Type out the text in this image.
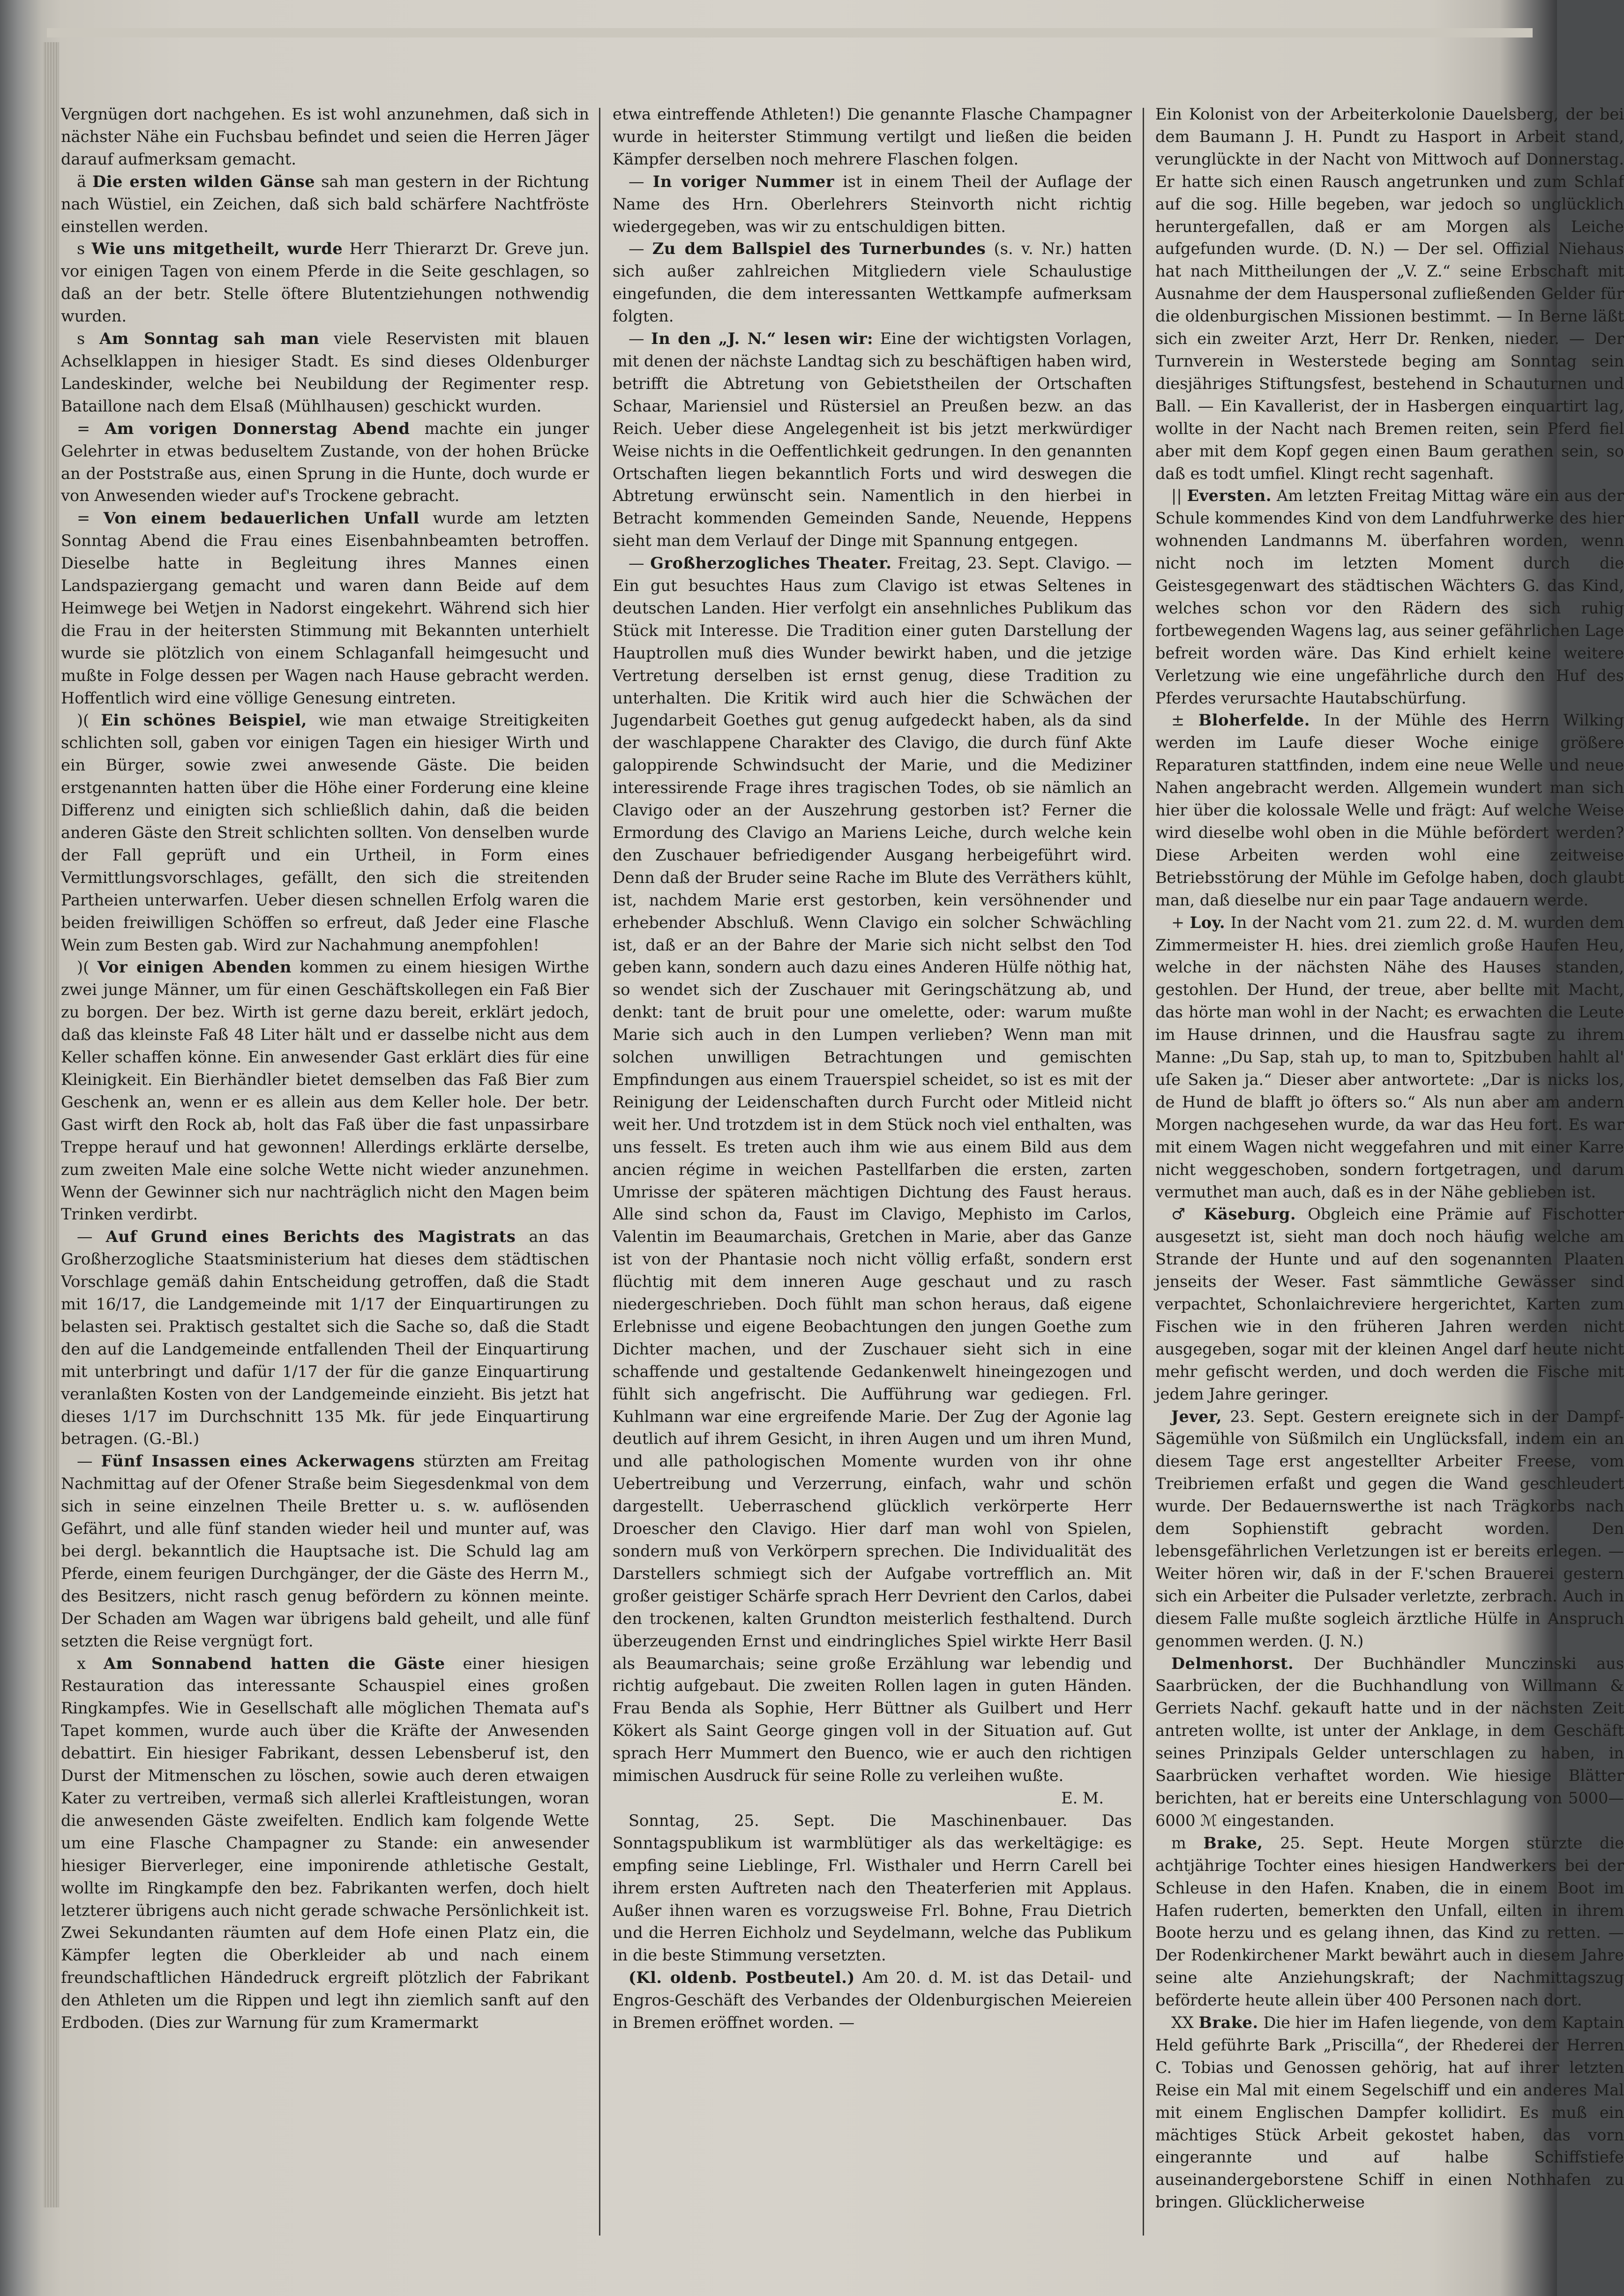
Vergnügen dort nachgehen. Es ist wohl anzunehmen, daß sich in nächster Nähe ein Fuchsbau befindet und seien die Herren Jäger darauf aufmerksam gemacht.

ä Die ersten wilden Gänse sah man gestern in der Richtung nach Wüstiel, ein Zeichen, daß sich bald schärfere Nachtfröste einstellen werden.

s Wie uns mitgetheilt, wurde Herr Thierarzt Dr. Greve jun. vor einigen Tagen von einem Pferde in die Seite geschlagen, so daß an der betr. Stelle öftere Blutentziehungen nothwendig wurden.

s Am Sonntag sah man viele Reservisten mit blauen Achselklappen in hiesiger Stadt. Es sind dieses Oldenburger Landeskinder, welche bei Neubildung der Regimenter resp. Bataillone nach dem Elsaß (Mühlhausen) geschickt wurden.

= Am vorigen Donnerstag Abend machte ein junger Gelehrter in etwas beduseltem Zustande, von der hohen Brücke an der Poststraße aus, einen Sprung in die Hunte, doch wurde er von Anwesenden wieder auf's Trockene gebracht.

= Von einem bedauerlichen Unfall wurde am letzten Sonntag Abend die Frau eines Eisenbahnbeamten betroffen. Dieselbe hatte in Begleitung ihres Mannes einen Landspaziergang gemacht und waren dann Beide auf dem Heimwege bei Wetjen in Nadorst eingekehrt. Während sich hier die Frau in der heitersten Stimmung mit Bekannten unterhielt wurde sie plötzlich von einem Schlaganfall heimgesucht und mußte in Folge dessen per Wagen nach Hause gebracht werden. Hoffentlich wird eine völlige Genesung eintreten.

)( Ein schönes Beispiel, wie man etwaige Streitigkeiten schlichten soll, gaben vor einigen Tagen ein hiesiger Wirth und ein Bürger, sowie zwei anwesende Gäste. Die beiden erstgenannten hatten über die Höhe einer Forderung eine kleine Differenz und einigten sich schließlich dahin, daß die beiden anderen Gäste den Streit schlichten sollten. Von denselben wurde der Fall geprüft und ein Urtheil, in Form eines Vermittlungsvorschlages, gefällt, den sich die streitenden Partheien unterwarfen. Ueber diesen schnellen Erfolg waren die beiden freiwilligen Schöffen so erfreut, daß Jeder eine Flasche Wein zum Besten gab. Wird zur Nachahmung anempfohlen!

)( Vor einigen Abenden kommen zu einem hiesigen Wirthe zwei junge Männer, um für einen Geschäftskollegen ein Faß Bier zu borgen. Der bez. Wirth ist gerne dazu bereit, erklärt jedoch, daß das kleinste Faß 48 Liter hält und er dasselbe nicht aus dem Keller schaffen könne. Ein anwesender Gast erklärt dies für eine Kleinigkeit. Ein Bierhändler bietet demselben das Faß Bier zum Geschenk an, wenn er es allein aus dem Keller hole. Der betr. Gast wirft den Rock ab, holt das Faß über die fast unpassirbare Treppe herauf und hat gewonnen! Allerdings erklärte derselbe, zum zweiten Male eine solche Wette nicht wieder anzunehmen. Wenn der Gewinner sich nur nachträglich nicht den Magen beim Trinken verdirbt.

— Auf Grund eines Berichts des Magistrats an das Großherzogliche Staatsministerium hat dieses dem städtischen Vorschlage gemäß dahin Entscheidung getroffen, daß die Stadt mit 16/17, die Landgemeinde mit 1/17 der Einquartirungen zu belasten sei. Praktisch gestaltet sich die Sache so, daß die Stadt den auf die Landgemeinde entfallenden Theil der Einquartirung mit unterbringt und dafür 1/17 der für die ganze Einquartirung veranlaßten Kosten von der Landgemeinde einzieht. Bis jetzt hat dieses 1/17 im Durchschnitt 135 Mk. für jede Einquartirung betragen. (G.-Bl.)

— Fünf Insassen eines Ackerwagens stürzten am Freitag Nachmittag auf der Ofener Straße beim Siegesdenkmal von dem sich in seine einzelnen Theile Bretter u. s. w. auflösenden Gefährt, und alle fünf standen wieder heil und munter auf, was bei dergl. bekanntlich die Hauptsache ist. Die Schuld lag am Pferde, einem feurigen Durchgänger, der die Gäste des Herrn M., des Besitzers, nicht rasch genug befördern zu können meinte. Der Schaden am Wagen war übrigens bald geheilt, und alle fünf setzten die Reise vergnügt fort.

x Am Sonnabend hatten die Gäste einer hiesigen Restauration das interessante Schauspiel eines großen Ringkampfes. Wie in Gesellschaft alle möglichen Themata auf's Tapet kommen, wurde auch über die Kräfte der Anwesenden debattirt. Ein hiesiger Fabrikant, dessen Lebensberuf ist, den Durst der Mitmenschen zu löschen, sowie auch deren etwaigen Kater zu vertreiben, vermaß sich allerlei Kraftleistungen, woran die anwesenden Gäste zweifelten. Endlich kam folgende Wette um eine Flasche Champagner zu Stande: ein anwesender hiesiger Bierverleger, eine imponirende athletische Gestalt, wollte im Ringkampfe den bez. Fabrikanten werfen, doch hielt letzterer übrigens auch nicht gerade schwache Persönlichkeit ist. Zwei Sekundanten räumten auf dem Hofe einen Platz ein, die Kämpfer legten die Oberkleider ab und nach einem freundschaftlichen Händedruck ergreift plötzlich der Fabrikant den Athleten um die Rippen und legt ihn ziemlich sanft auf den Erdboden. (Dies zur Warnung für zum Kramermarkt

etwa eintreffende Athleten!) Die genannte Flasche Champagner wurde in heiterster Stimmung vertilgt und ließen die beiden Kämpfer derselben noch mehrere Flaschen folgen.

— In voriger Nummer ist in einem Theil der Auflage der Name des Hrn. Oberlehrers Steinvorth nicht richtig wiedergegeben, was wir zu entschuldigen bitten.

— Zu dem Ballspiel des Turnerbundes (s. v. Nr.) hatten sich außer zahlreichen Mitgliedern viele Schaulustige eingefunden, die dem interessanten Wettkampfe aufmerksam folgten.

— In den „J. N.“ lesen wir: Eine der wichtigsten Vorlagen, mit denen der nächste Landtag sich zu beschäftigen haben wird, betrifft die Abtretung von Gebietstheilen der Ortschaften Schaar, Mariensiel und Rüstersiel an Preußen bezw. an das Reich. Ueber diese Angelegenheit ist bis jetzt merkwürdiger Weise nichts in die Oeffentlichkeit gedrungen. In den genannten Ortschaften liegen bekanntlich Forts und wird deswegen die Abtretung erwünscht sein. Namentlich in den hierbei in Betracht kommenden Gemeinden Sande, Neuende, Heppens sieht man dem Verlauf der Dinge mit Spannung entgegen.

— Großherzogliches Theater. Freitag, 23. Sept. Clavigo. — Ein gut besuchtes Haus zum Clavigo ist etwas Seltenes in deutschen Landen. Hier verfolgt ein ansehnliches Publikum das Stück mit Interesse. Die Tradition einer guten Darstellung der Hauptrollen muß dies Wunder bewirkt haben, und die jetzige Vertretung derselben ist ernst genug, diese Tradition zu unterhalten. Die Kritik wird auch hier die Schwächen der Jugendarbeit Goethes gut genug aufgedeckt haben, als da sind der waschlappene Charakter des Clavigo, die durch fünf Akte galoppirende Schwindsucht der Marie, und die Mediziner interessirende Frage ihres tragischen Todes, ob sie nämlich an Clavigo oder an der Auszehrung gestorben ist? Ferner die Ermordung des Clavigo an Mariens Leiche, durch welche kein den Zuschauer befriedigender Ausgang herbeigeführt wird. Denn daß der Bruder seine Rache im Blute des Verräthers kühlt, ist, nachdem Marie erst gestorben, kein versöhnender und erhebender Abschluß. Wenn Clavigo ein solcher Schwächling ist, daß er an der Bahre der Marie sich nicht selbst den Tod geben kann, sondern auch dazu eines Anderen Hülfe nöthig hat, so wendet sich der Zuschauer mit Geringschätzung ab, und denkt: tant de bruit pour une omelette, oder: warum mußte Marie sich auch in den Lumpen verlieben? Wenn man mit solchen unwilligen Betrachtungen und gemischten Empfindungen aus einem Trauerspiel scheidet, so ist es mit der Reinigung der Leidenschaften durch Furcht oder Mitleid nicht weit her. Und trotzdem ist in dem Stück noch viel enthalten, was uns fesselt. Es treten auch ihm wie aus einem Bild aus dem ancien régime in weichen Pastellfarben die ersten, zarten Umrisse der späteren mächtigen Dichtung des Faust heraus. Alle sind schon da, Faust im Clavigo, Mephisto im Carlos, Valentin im Beaumarchais, Gretchen in Marie, aber das Ganze ist von der Phantasie noch nicht völlig erfaßt, sondern erst flüchtig mit dem inneren Auge geschaut und zu rasch niedergeschrieben. Doch fühlt man schon heraus, daß eigene Erlebnisse und eigene Beobachtungen den jungen Goethe zum Dichter machen, und der Zuschauer sieht sich in eine schaffende und gestaltende Gedankenwelt hineingezogen und fühlt sich angefrischt. Die Aufführung war gediegen. Frl. Kuhlmann war eine ergreifende Marie. Der Zug der Agonie lag deutlich auf ihrem Gesicht, in ihren Augen und um ihren Mund, und alle pathologischen Momente wurden von ihr ohne Uebertreibung und Verzerrung, einfach, wahr und schön dargestellt. Ueberraschend glücklich verkörperte Herr Droescher den Clavigo. Hier darf man wohl von Spielen, sondern muß von Verkörpern sprechen. Die Individualität des Darstellers schmiegt sich der Aufgabe vortrefflich an. Mit großer geistiger Schärfe sprach Herr Devrient den Carlos, dabei den trockenen, kalten Grundton meisterlich festhaltend. Durch überzeugenden Ernst und eindringliches Spiel wirkte Herr Basil als Beaumarchais; seine große Erzählung war lebendig und richtig aufgebaut. Die zweiten Rollen lagen in guten Händen. Frau Benda als Sophie, Herr Büttner als Guilbert und Herr Kökert als Saint George gingen voll in der Situation auf. Gut sprach Herr Mummert den Buenco, wie er auch den richtigen mimischen Ausdruck für seine Rolle zu verleihen wußte.
E. M.

Sonntag, 25. Sept. Die Maschinenbauer. Das Sonntagspublikum ist warmblütiger als das werkeltägige: es empfing seine Lieblinge, Frl. Wisthaler und Herrn Carell bei ihrem ersten Auftreten nach den Theaterferien mit Applaus. Außer ihnen waren es vorzugsweise Frl. Bohne, Frau Dietrich und die Herren Eichholz und Seydelmann, welche das Publikum in die beste Stimmung versetzten.

(Kl. oldenb. Postbeutel.) Am 20. d. M. ist das Detail- und Engros-Geschäft des Verbandes der Oldenburgischen Meiereien in Bremen eröffnet worden. —

Ein Kolonist von der Arbeiterkolonie Dauelsberg, der bei dem Baumann J. H. Pundt zu Hasport in Arbeit stand, verunglückte in der Nacht von Mittwoch auf Donnerstag. Er hatte sich einen Rausch angetrunken und zum Schlaf auf die sog. Hille begeben, war jedoch so unglücklich heruntergefallen, daß er am Morgen als Leiche aufgefunden wurde. (D. N.) — Der sel. Offizial Niehaus hat nach Mittheilungen der „V. Z.“ seine Erbschaft mit Ausnahme der dem Hauspersonal zufließenden Gelder für die oldenburgischen Missionen bestimmt. — In Berne läßt sich ein zweiter Arzt, Herr Dr. Renken, nieder. — Der Turnverein in Westerstede beging am Sonntag sein diesjähriges Stiftungsfest, bestehend in Schauturnen und Ball. — Ein Kavallerist, der in Hasbergen einquartirt lag, wollte in der Nacht nach Bremen reiten, sein Pferd fiel aber mit dem Kopf gegen einen Baum gerathen sein, so daß es todt umfiel. Klingt recht sagenhaft.

|| Eversten. Am letzten Freitag Mittag wäre ein aus der Schule kommendes Kind von dem Landfuhrwerke des hier wohnenden Landmanns M. überfahren worden, wenn nicht noch im letzten Moment durch die Geistesgegenwart des städtischen Wächters G. das Kind, welches schon vor den Rädern des sich ruhig fortbewegenden Wagens lag, aus seiner gefährlichen Lage befreit worden wäre. Das Kind erhielt keine weitere Verletzung wie eine ungefährliche durch den Huf des Pferdes verursachte Hautabschürfung.

± Bloherfelde. In der Mühle des Herrn Wilking werden im Laufe dieser Woche einige größere Reparaturen stattfinden, indem eine neue Welle und neue Nahen angebracht werden. Allgemein wundert man sich hier über die kolossale Welle und frägt: Auf welche Weise wird dieselbe wohl oben in die Mühle befördert werden? Diese Arbeiten werden wohl eine zeitweise Betriebsstörung der Mühle im Gefolge haben, doch glaubt man, daß dieselbe nur ein paar Tage andauern werde.

+ Loy. In der Nacht vom 21. zum 22. d. M. wurden dem Zimmermeister H. hies. drei ziemlich große Haufen Heu, welche in der nächsten Nähe des Hauses standen, gestohlen. Der Hund, der treue, aber bellte mit Macht, das hörte man wohl in der Nacht; es erwachten die Leute im Hause drinnen, und die Hausfrau sagte zu ihrem Manne: „Du Sap, stah up, to man to, Spitzbuben hahlt al' uſe Saken ja.“ Dieser aber antwortete: „Dar is nicks los, de Hund de blafft jo öfters so.“ Als nun aber am andern Morgen nachgesehen wurde, da war das Heu fort. Es war mit einem Wagen nicht weggefahren und mit einer Karre nicht weggeschoben, sondern fortgetragen, und darum vermuthet man auch, daß es in der Nähe geblieben ist.

♂ Käseburg. Obgleich eine Prämie auf Fischotter ausgesetzt ist, sieht man doch noch häufig welche am Strande der Hunte und auf den sogenannten Plaaten jenseits der Weser. Fast sämmtliche Gewässer sind verpachtet, Schonlaichreviere hergerichtet, Karten zum Fischen wie in den früheren Jahren werden nicht ausgegeben, sogar mit der kleinen Angel darf heute nicht mehr gefischt werden, und doch werden die Fische mit jedem Jahre geringer.

Jever, 23. Sept. Gestern ereignete sich in der Dampf-Sägemühle von Süßmilch ein Unglücksfall, indem ein an diesem Tage erst angestellter Arbeiter Freese, vom Treibriemen erfaßt und gegen die Wand geschleudert wurde. Der Bedauernswerthe ist nach Trägkorbs nach dem Sophienstift gebracht worden. Den lebensgefährlichen Verletzungen ist er bereits erlegen. — Weiter hören wir, daß in der F.'schen Brauerei gestern sich ein Arbeiter die Pulsader verletzte, zerbrach. Auch in diesem Falle mußte sogleich ärztliche Hülfe in Anspruch genommen werden. (J. N.)

Delmenhorst. Der Buchhändler Munczinski aus Saarbrücken, der die Buchhandlung von Willmann & Gerriets Nachf. gekauft hatte und in der nächsten Zeit antreten wollte, ist unter der Anklage, in dem Geschäft seines Prinzipals Gelder unterschlagen zu haben, in Saarbrücken verhaftet worden. Wie hiesige Blätter berichten, hat er bereits eine Unterschlagung von 5000—6000 ℳ eingestanden.

m Brake, 25. Sept. Heute Morgen stürzte die achtjährige Tochter eines hiesigen Handwerkers bei der Schleuse in den Hafen. Knaben, die in einem Boot im Hafen ruderten, bemerkten den Unfall, eilten in ihrem Boote herzu und es gelang ihnen, das Kind zu retten. — Der Rodenkirchener Markt bewährt auch in diesem Jahre seine alte Anziehungskraft; der Nachmittagszug beförderte heute allein über 400 Personen nach dort.

XX Brake. Die hier im Hafen liegende, von dem Kaptain Held geführte Bark „Priscilla“, der Rhederei der Herren C. Tobias und Genossen gehörig, hat auf ihrer letzten Reise ein Mal mit einem Segelschiff und ein anderes Mal mit einem Englischen Dampfer kollidirt. Es muß ein mächtiges Stück Arbeit gekostet haben, das vorn eingerannte und auf halbe Schiffstiefe auseinandergeborstene Schiff in einen Nothhafen zu bringen. Glücklicherweise
